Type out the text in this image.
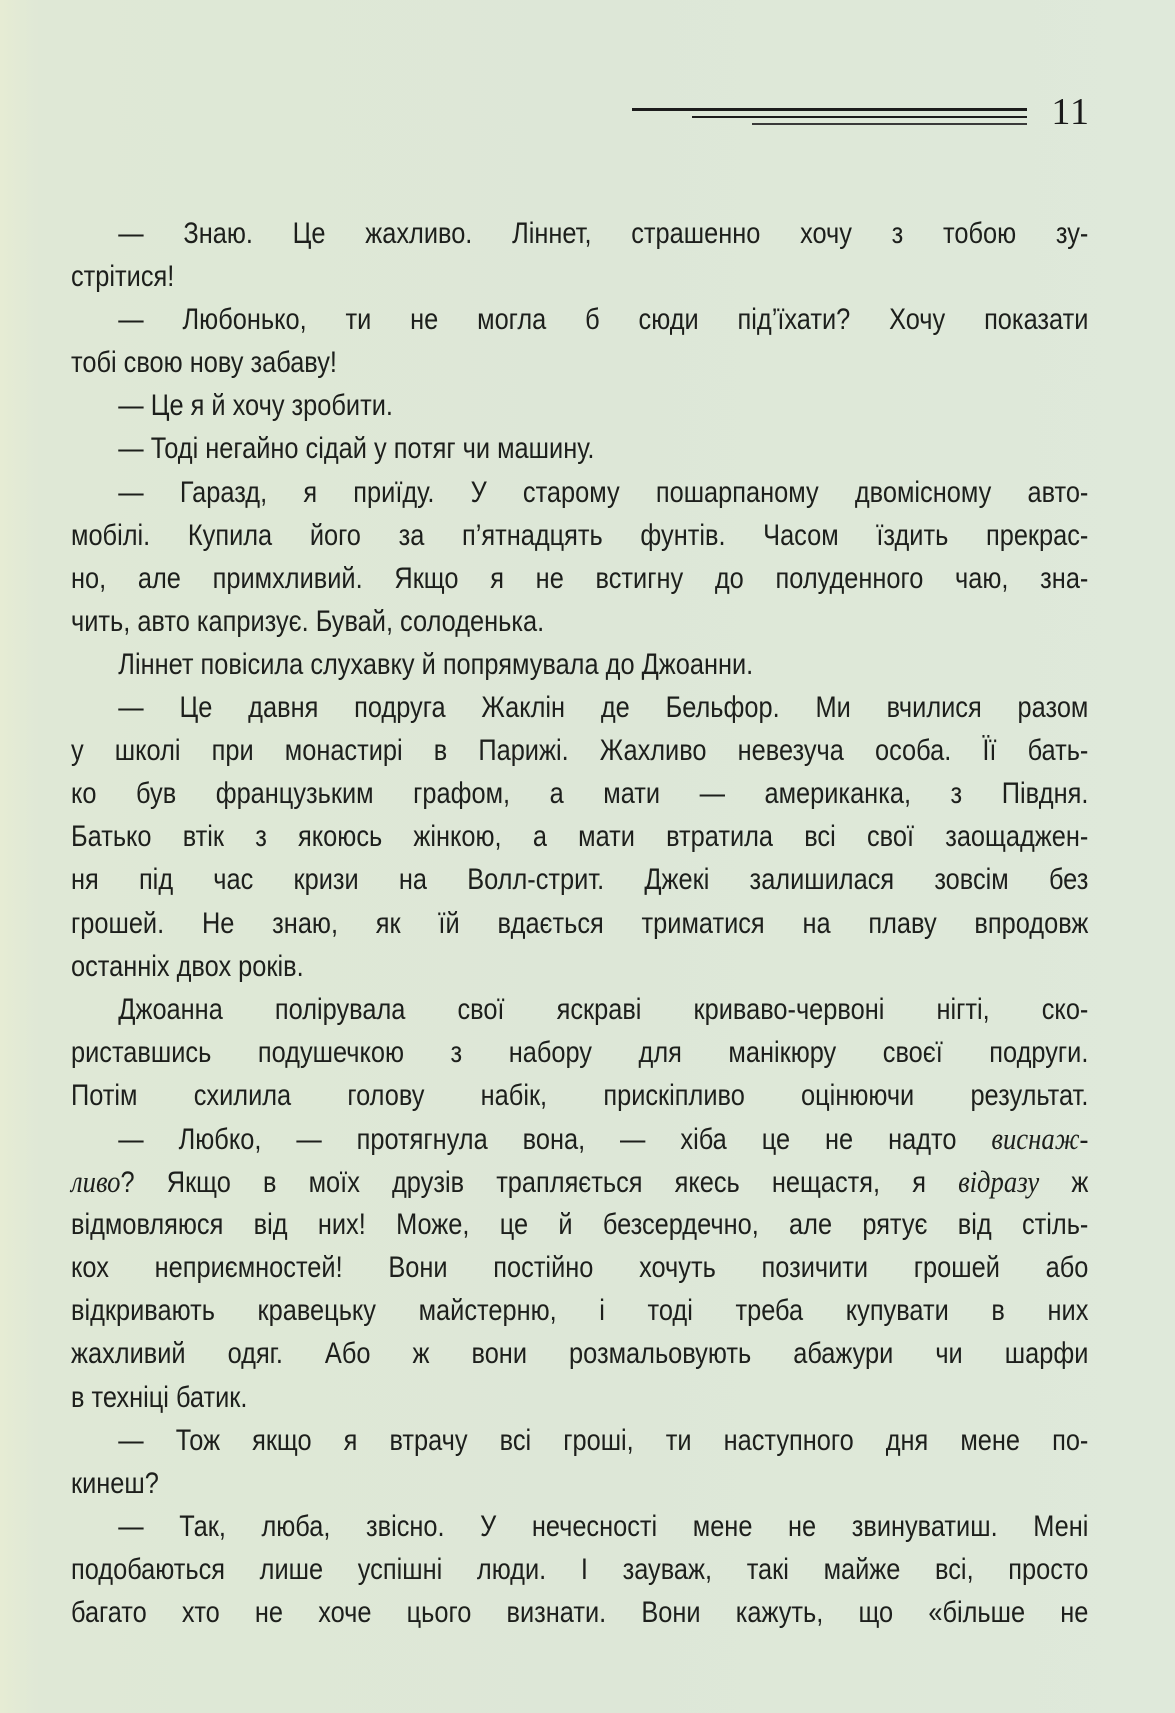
11
— Знаю. Це жахливо. Ліннет, страшенно хочу з тобою зу-
стрітися!
— Любонько, ти не могла б сюди під’їхати? Хочу показати
тобі свою нову забаву!
— Це я й хочу зробити.
— Тоді негайно сідай у потяг чи машину.
— Гаразд, я приїду. У старому пошарпаному двомісному авто-
мобілі. Купила його за п’ятнадцять фунтів. Часом їздить прекрас-
но, але примхливий. Якщо я не встигну до полуденного чаю, зна-
чить, авто капризує. Бувай, солоденька.
Ліннет повісила слухавку й попрямувала до Джоанни.
— Це давня подруга Жаклін де Бельфор. Ми вчилися разом
у школі при монастирі в Парижі. Жахливо невезуча особа. Її бать-
ко був французьким графом, а мати — американка, з Півдня.
Батько втік з якоюсь жінкою, а мати втратила всі свої заощаджен-
ня під час кризи на Волл-стрит. Джекі залишилася зовсім без
грошей. Не знаю, як їй вдається триматися на плаву впродовж
останніх двох років.
Джоанна полірувала свої яскраві криваво-червоні нігті, ско-
риставшись подушечкою з набору для манікюру своєї подруги.
Потім схилила голову набік, прискіпливо оцінюючи результат.
— Любко, — протягнула вона, — хіба це не надто виснаж-
ливо? Якщо в моїх друзів трапляється якесь нещастя, я відразу ж
відмовляюся від них! Може, це й безсердечно, але рятує від стіль-
кох неприємностей! Вони постійно хочуть позичити грошей або
відкривають кравецьку майстерню, і тоді треба купувати в них
жахливий одяг. Або ж вони розмальовують абажури чи шарфи
в техніці батик.
— Тож якщо я втрачу всі гроші, ти наступного дня мене по-
кинеш?
— Так, люба, звісно. У нечесності мене не звинуватиш. Мені
подобаються лише успішні люди. І зауваж, такі майже всі, просто
багато хто не хоче цього визнати. Вони кажуть, що «більше не
